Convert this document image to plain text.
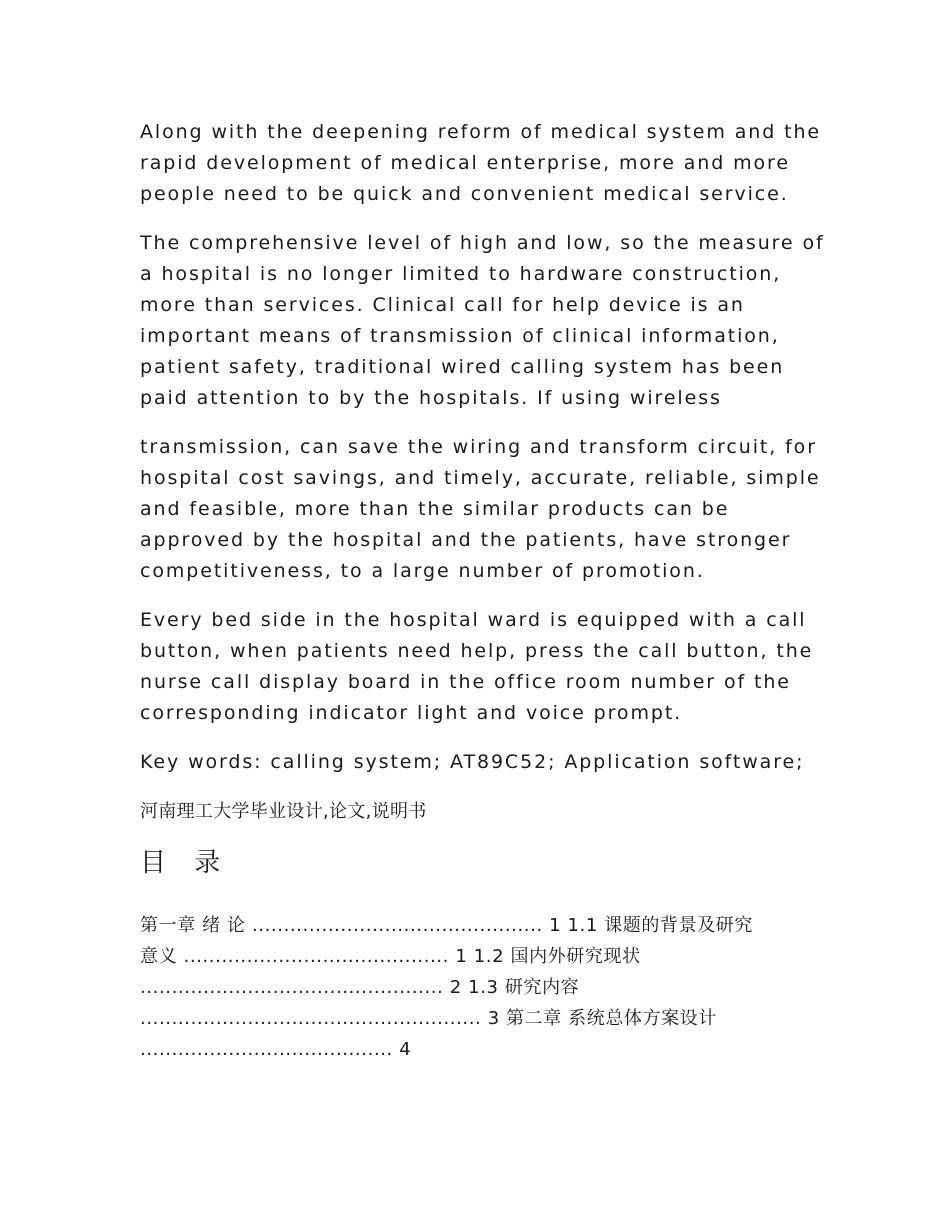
Along with the deepening reform of medical system and the
rapid development of medical enterprise, more and more
people need to be quick and convenient medical service.
The comprehensive level of high and low, so the measure of
a hospital is no longer limited to hardware construction,
more than services. Clinical call for help device is an
important means of transmission of clinical information,
patient safety, traditional wired calling system has been
paid attention to by the hospitals. If using wireless
transmission, can save the wiring and transform circuit, for
hospital cost savings, and timely, accurate, reliable, simple
and feasible, more than the similar products can be
approved by the hospital and the patients, have stronger
competitiveness, to a large number of promotion.
Every bed side in the hospital ward is equipped with a call
button, when patients need help, press the call button, the
nurse call display board in the office room number of the
corresponding indicator light and voice prompt.
Key words: calling system; AT89C52; Application software;
河南理工大学毕业设计,论文,说明书
目 录
第一章 绪 论 .............................................. 1 1.1 课题的背景及研究
意义 .......................................... 1 1.2 国内外研究现状
................................................ 2 1.3 研究内容
...................................................... 3 第二章 系统总体方案设计
........................................ 4
